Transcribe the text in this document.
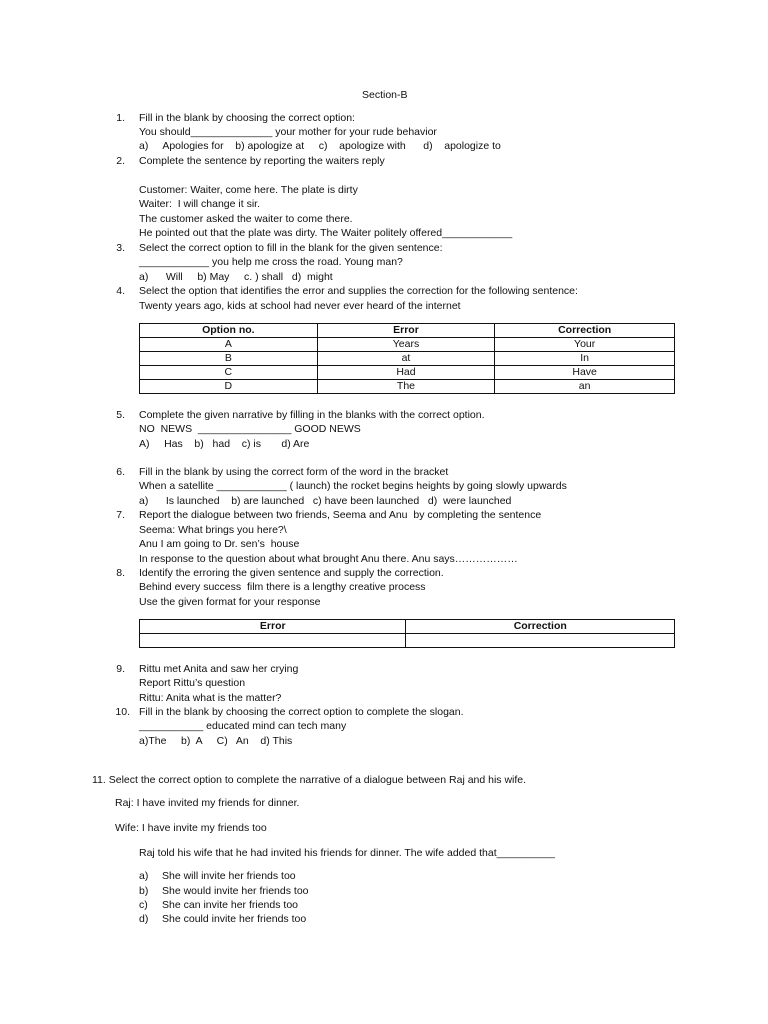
Section-B
1. Fill in the blank by choosing the correct option:
You should______________ your mother for your rude behavior
a)     Apologies for    b) apologize at     c)    apologize with      d)    apologize to
2. Complete the sentence by reporting the waiters reply
Customer: Waiter, come here. The plate is dirty
Waiter:  I will change it sir.
The customer asked the waiter to come there.
He pointed out that the plate was dirty. The Waiter politely offered____________
3. Select the correct option to fill in the blank for the given sentence:
____________ you help me cross the road. Young man?
a)      Will     b) May     c. ) shall   d)  might
4. Select the option that identifies the error and supplies the correction for the following sentence:
Twenty years ago, kids at school had never ever heard of the internet
Option no.	Error	Correction
A	Years	Your
B	at	In
C	Had	Have
D	The	an
5. Complete the given narrative by filling in the blanks with the correct option.
NO  NEWS  ________________ GOOD NEWS
A)     Has    b)   had    c) is       d) Are
6. Fill in the blank by using the correct form of the word in the bracket
When a satellite ____________ ( launch) the rocket begins heights by going slowly upwards
a)      Is launched    b) are launched   c) have been launched   d)  were launched
7. Report the dialogue between two friends, Seema and Anu  by completing the sentence
Seema: What brings you here?\
Anu I am going to Dr. sen’s  house
In response to the question about what brought Anu there. Anu says………………
8. Identify the erroring the given sentence and supply the correction.
Behind every success  film there is a lengthy creative process
Use the given format for your response
Error	Correction

9. Rittu met Anita and saw her crying
Report Rittu’s question
Rittu: Anita what is the matter?
10. Fill in the blank by choosing the correct option to complete the slogan.
___________ educated mind can tech many
a)The     b)  A     C)   An    d) This
11. Select the correct option to complete the narrative of a dialogue between Raj and his wife.
Raj: I have invited my friends for dinner.
Wife: I have invite my friends too
Raj told his wife that he had invited his friends for dinner. The wife added that__________
a) She will invite her friends too
b) She would invite her friends too
c) She can invite her friends too
d) She could invite her friends too
